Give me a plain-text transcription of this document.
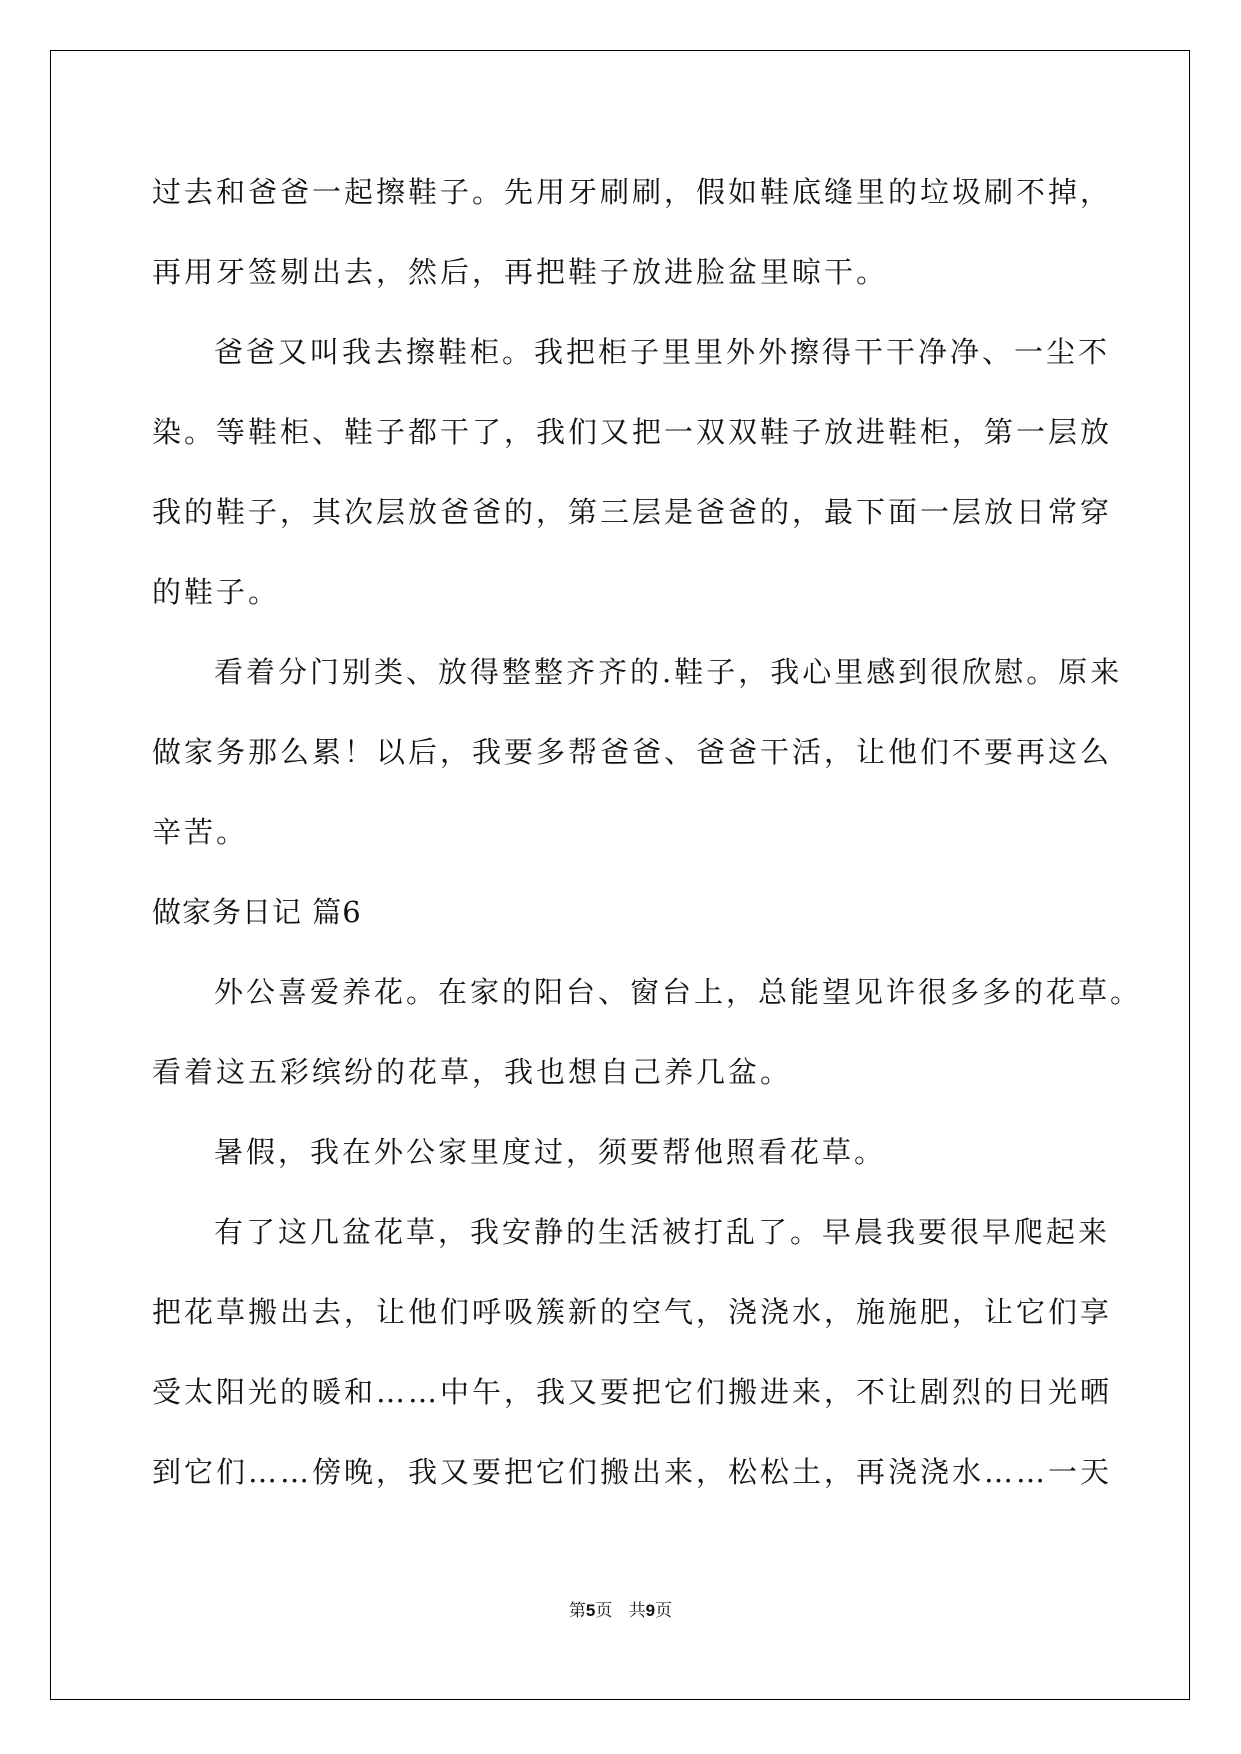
过去和爸爸一起擦鞋子。先用牙刷刷，假如鞋底缝里的垃圾刷不掉，

再用牙签剔出去，然后，再把鞋子放进脸盆里晾干。

爸爸又叫我去擦鞋柜。我把柜子里里外外擦得干干净净、一尘不

染。等鞋柜、鞋子都干了，我们又把一双双鞋子放进鞋柜，第一层放

我的鞋子，其次层放爸爸的，第三层是爸爸的，最下面一层放日常穿

的鞋子。

看着分门别类、放得整整齐齐的.鞋子，我心里感到很欣慰。原来

做家务那么累！以后，我要多帮爸爸、爸爸干活，让他们不要再这么

辛苦。

做家务日记 篇6

外公喜爱养花。在家的阳台、窗台上，总能望见许很多多的花草。

看着这五彩缤纷的花草，我也想自己养几盆。

暑假，我在外公家里度过，须要帮他照看花草。

有了这几盆花草，我安静的生活被打乱了。早晨我要很早爬起来

把花草搬出去，让他们呼吸簇新的空气，浇浇水，施施肥，让它们享

受太阳光的暖和……中午，我又要把它们搬进来，不让剧烈的日光晒

到它们……傍晚，我又要把它们搬出来，松松土，再浇浇水……一天

第5页   共9页
